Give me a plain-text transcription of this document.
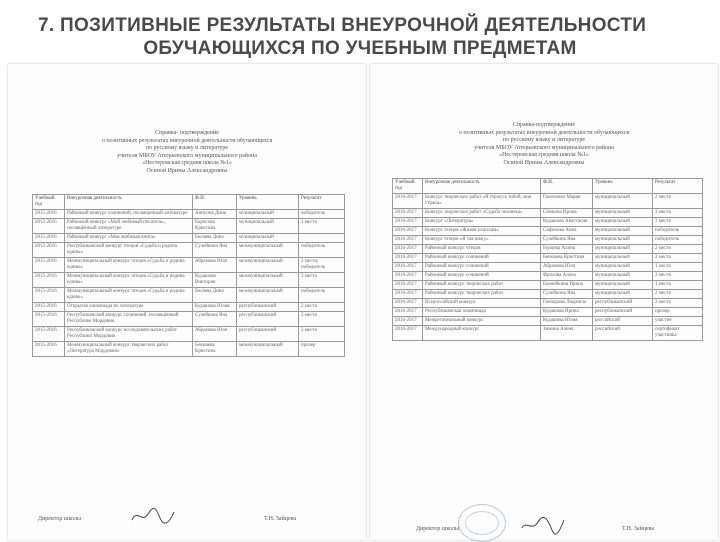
7. ПОЗИТИВНЫЕ РЕЗУЛЬТАТЫ ВНЕУРОЧНОЙ ДЕЯТЕЛЬНОСТИ
ОБУЧАЮЩИХСЯ ПО УЧЕБНЫМ ПРЕДМЕТАМ
Справка- подтверждение
о позитивных результатах внеурочной деятельности обучающихся
по русскому языку и литературе
учителя МБОУ Атюрьевского муниципального района
«Нестеровская средняя школа №1»
Осиной Ирины Александровны
Учебный год	Внеурочная деятельность	Ф.И.	Уровень	Результат
2015-2016	Районный конкурс сочинений, посвященный литературе	Анисина Дина	муниципальный	победитель
2015-2016	Районный конкурс «Мой любимый писатель», посвящённый литературе	Борисова Кристина	муниципальный	1 место
2015-2016	Районный конкурс «Моя любимая книга»	Бесяева Дина	муниципальный	
2015-2016	Республиканский конкурс чтецов «Судьба и родина едины»	Сулейкина Яна	межмуниципальный	победитель
2015-2016	Межмуниципальный конкурс чтецов «Судьба и родина едины»	Абрамова Юля	межмуниципальный	2 место; победитель
2015-2016	Межмуниципальный конкурс чтецов «Судьба и родина едины»	Кудашова Виктория	межмуниципальный	2 место
2015-2016	Межмуниципальный конкурс чтецов «Судьба и родина едины»	Бесяева Дина	межмуниципальный	победитель
2015-2016	Открытая олимпиада по литературе	Кудашова Юлия	республиканский	2 место
2015-2016	Республиканский конкурс сочинений, посвящённый Республике Мордовия	Сулейкина Яна	республиканский	2 место
2015-2016	Республиканский конкурс исследовательских работ Республики Мордовия	Абрамова Юля	республиканский	2 место
2015-2016	Межмуниципальный конкурс творческих работ «Литература Мордовии»	Бекмаева Кристина	межмуниципальный	призер
Директор школы	Т.Н. Зайцева
Справка-подтверждение
о позитивных результатах внеурочной деятельности обучающихся
по русскому языку и литературе
учителя МБОУ Атюрьевского муниципального района
«Нестеровская средняя школа №1»
Осиной Ирины Александровны
Учебный год	Внеурочная деятельность	Ф.И.	Уровень	Результат
2016-2017	Конкурс творческих работ «Я горжусь тобой, моя страна»	Гоноченко Мария	муниципальный	2 место
2016-2017	Конкурс творческих работ «Судьба человека»	Сёмкина Ирина	муниципальный	3 место
2016-2017	Конкурс «Литература»	Кудашова Анастасия	муниципальный	3 место
2016-2017	Конкурс чтецов «Живая классика»	Сафонова Анна	муниципальный	победитель
2016-2017	Конкурс чтецов «Я так вижу»	Сулейкина Яна	муниципальный	победитель
2016-2017	Районный конкурс чтецов	Бурцева Алина	муниципальный	2 место
2016-2017	Районный конкурс сочинений	Бекмаева Кристина	муниципальный	2 место
2016-2017	Районный конкурс сочинений	Абрамова Юля	муниципальный	1 место
2016-2017	Районный конкурс сочинений	Фролова Алена	муниципальный	2 место
2016-2017	Районный конкурс творческих работ	Екенейкина Ирина	муниципальный	1 место
2016-2017	Районный конкурс творческих работ	Сулейкина Яна	муниципальный	2 место
2016-2017	Всероссийский конкурс	Гончарова Людмила	республиканский	2 место
2016-2017	Республиканская олимпиада	Кудашова Ирина	республиканский	призер
2016-2017	Межрегиональный конкурс	Кудашова Юлия	российский	участие
2016-2017	Международный конкурс	Зимина Алена	российский	сертификат участника
Директор школы	Т.Н. Зайцева
